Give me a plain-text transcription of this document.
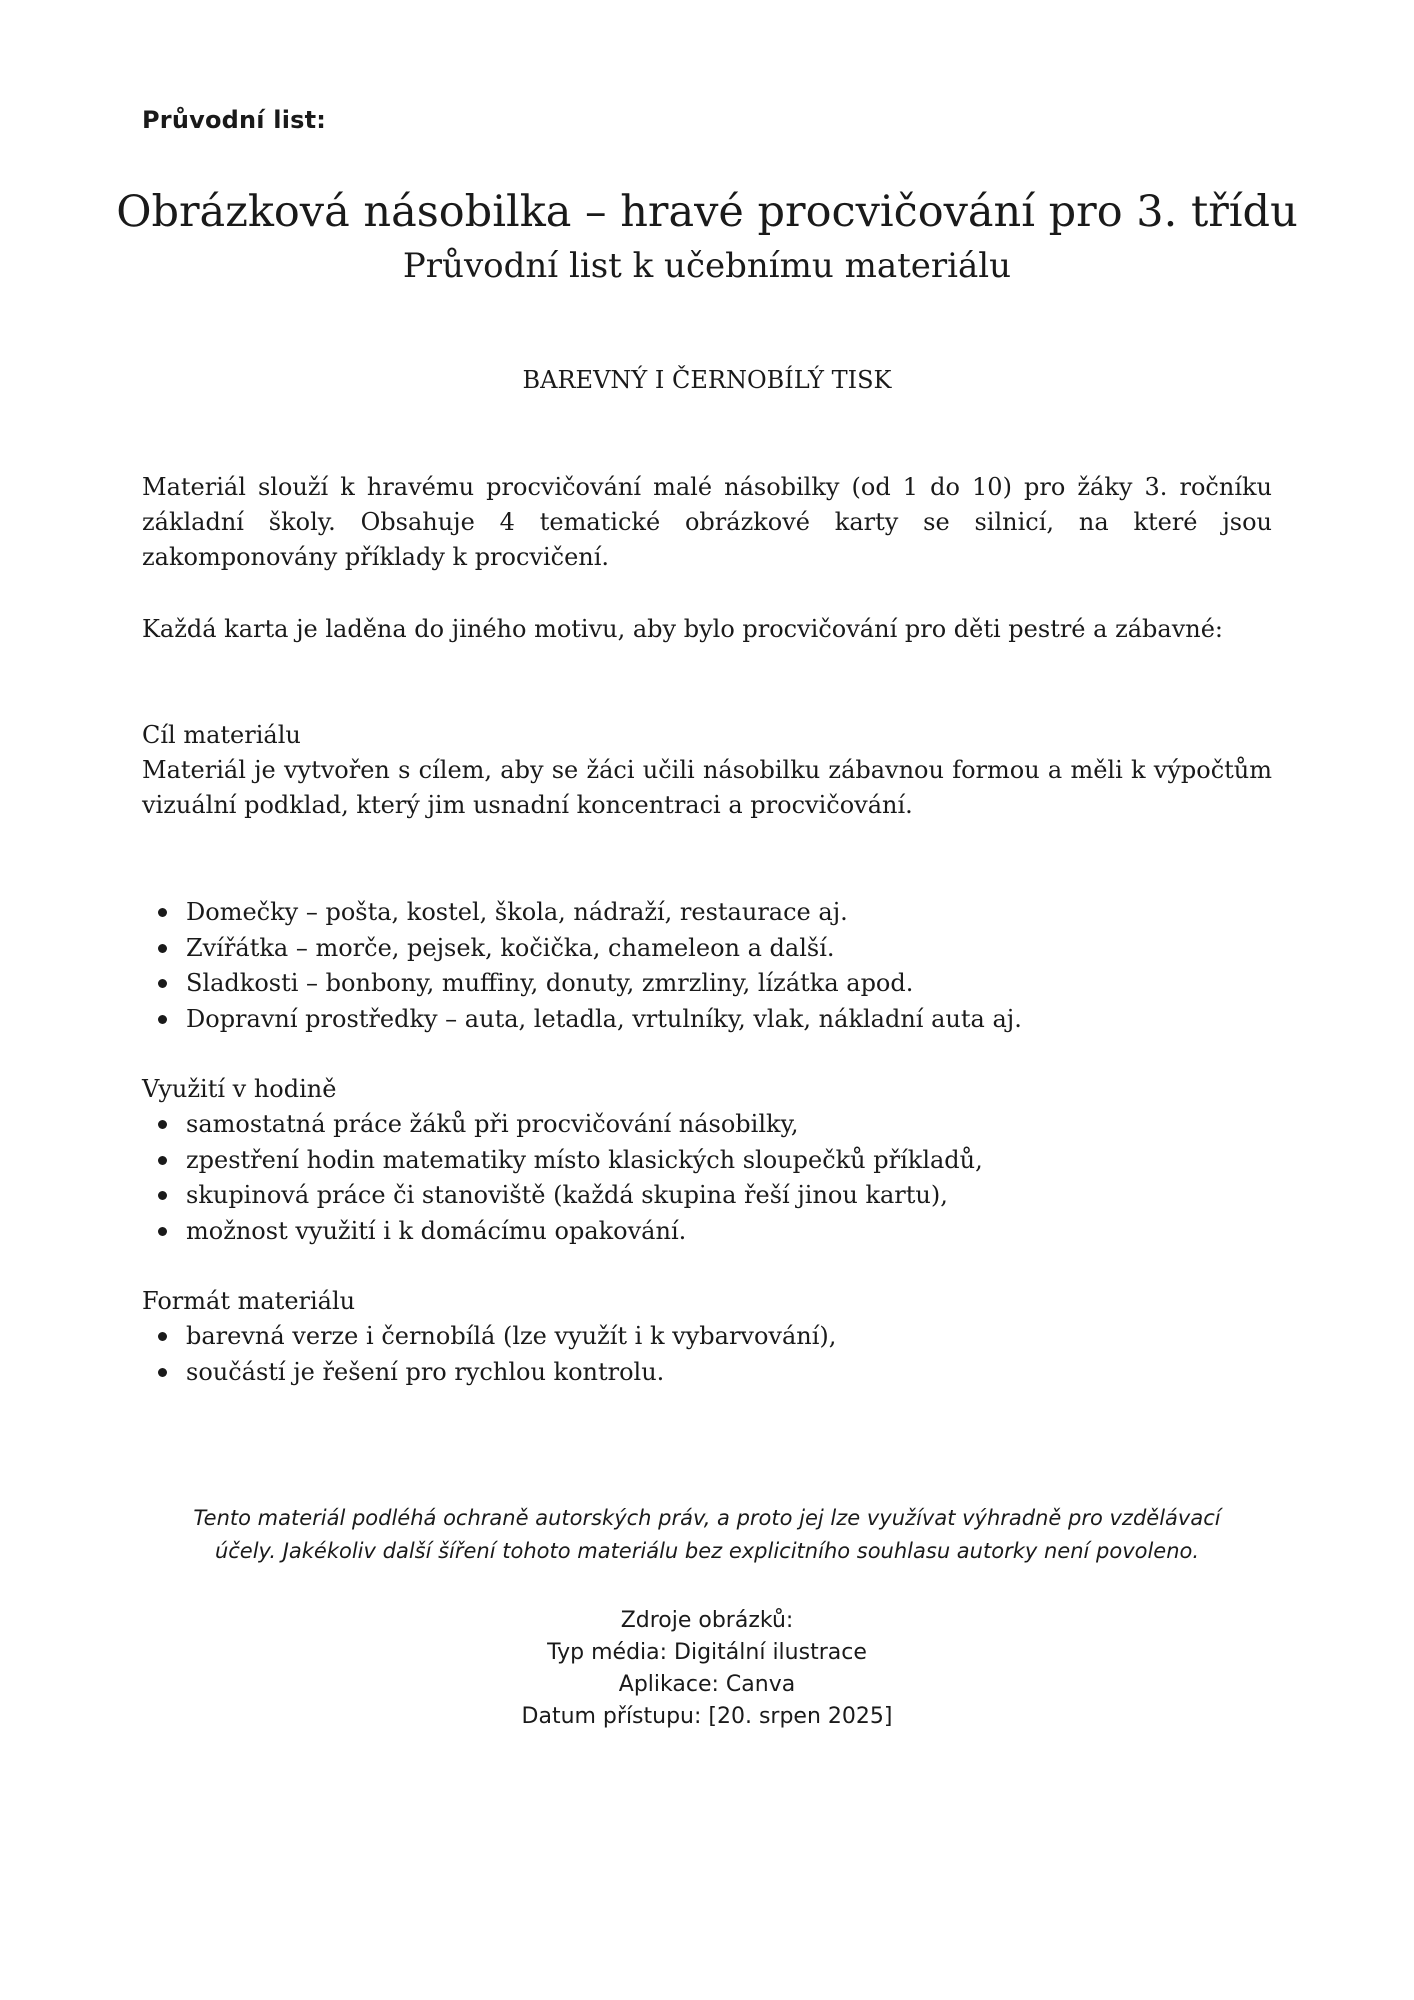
Průvodní list:
Obrázková násobilka – hravé procvičování pro 3. třídu
Průvodní list k učebnímu materiálu
BAREVNÝ I ČERNOBÍLÝ TISK
Materiál slouží k hravému procvičování malé násobilky (od 1 do 10) pro žáky 3. ročníku základní školy. Obsahuje 4 tematické obrázkové karty se silnicí, na které jsou zakomponovány příklady k procvičení.
Každá karta je laděna do jiného motivu, aby bylo procvičování pro děti pestré a zábavné:
Cíl materiálu
Materiál je vytvořen s cílem, aby se žáci učili násobilku zábavnou formou a měli k výpočtům vizuální podklad, který jim usnadní koncentraci a procvičování.
Domečky – pošta, kostel, škola, nádraží, restaurace aj.
Zvířátka – morče, pejsek, kočička, chameleon a další.
Sladkosti – bonbony, muffiny, donuty, zmrzliny, lízátka apod.
Dopravní prostředky – auta, letadla, vrtulníky, vlak, nákladní auta aj.
Využití v hodině
samostatná práce žáků při procvičování násobilky,
zpestření hodin matematiky místo klasických sloupečků příkladů,
skupinová práce či stanoviště (každá skupina řeší jinou kartu),
možnost využití i k domácímu opakování.
Formát materiálu
barevná verze i černobílá (lze využít i k vybarvování),
součástí je řešení pro rychlou kontrolu.
Tento materiál podléhá ochraně autorských práv, a proto jej lze využívat výhradně pro vzdělávací
účely. Jakékoliv další šíření tohoto materiálu bez explicitního souhlasu autorky není povoleno.
Zdroje obrázků:
Typ média: Digitální ilustrace
Aplikace: Canva
Datum přístupu: [20. srpen 2025]
